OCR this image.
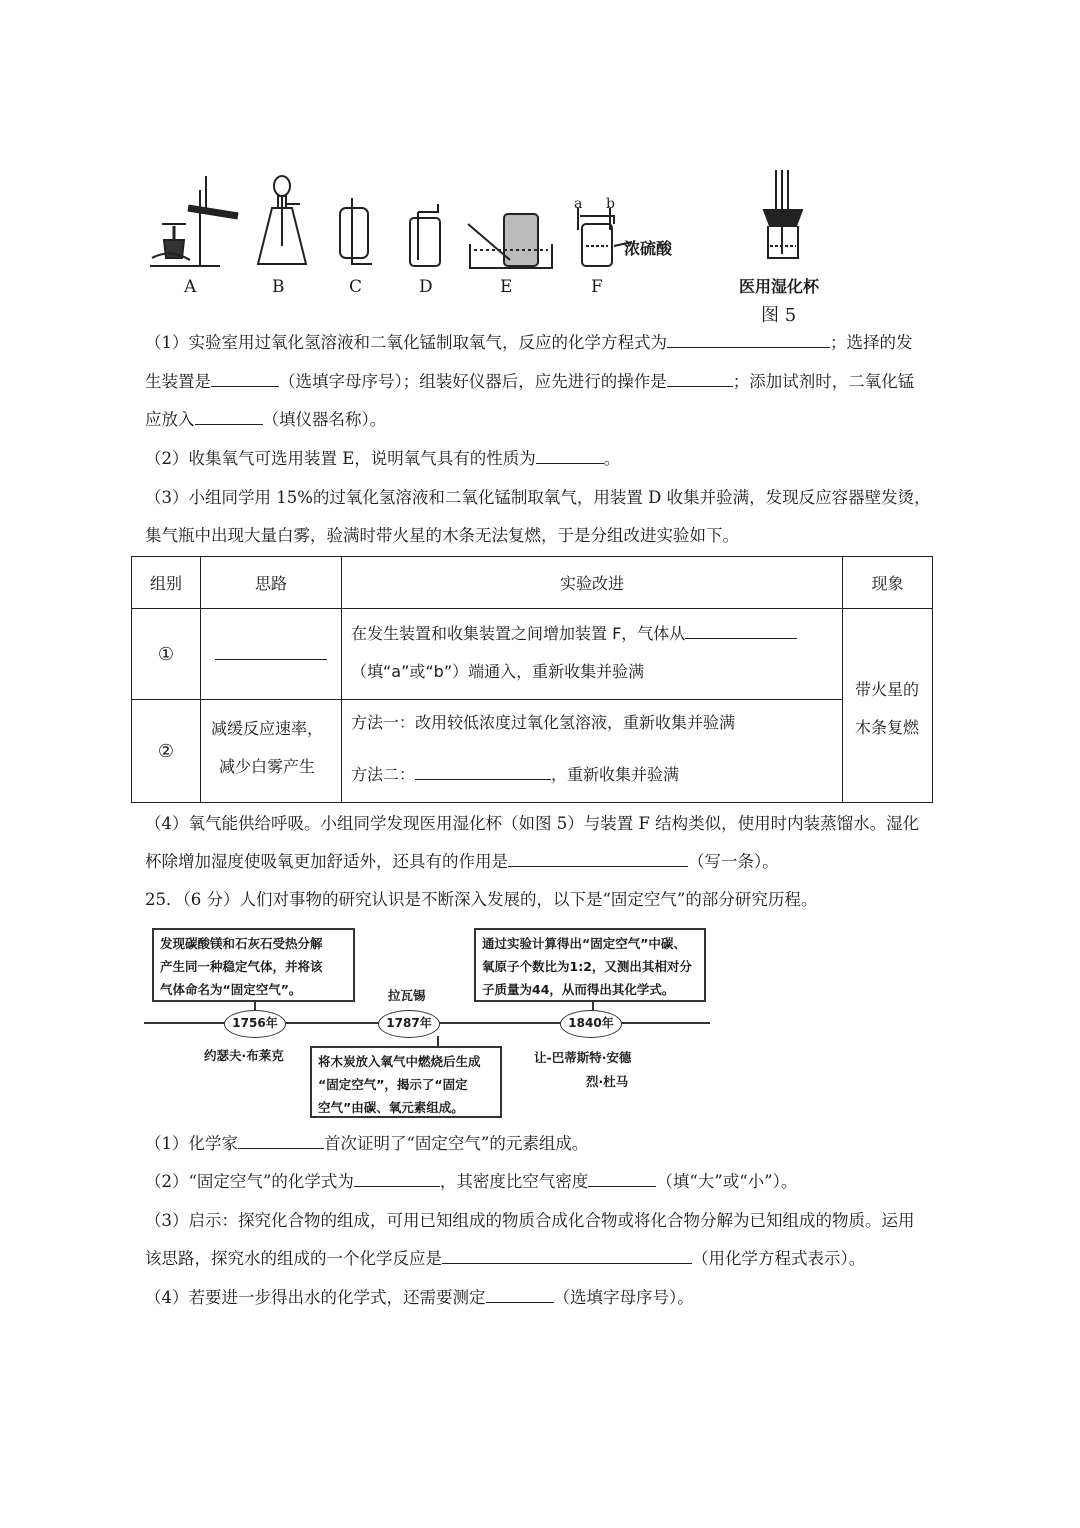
A	B	C	D	E	F
a b
浓硫酸
医用湿化杯
图 5
（1）实验室用过氧化氢溶液和二氧化锰制取氧气，反应的化学方程式为	；选择的发
生装置是	（选填字母序号）；组装好仪器后，应先进行的操作是	；添加试剂时，二氧化锰
应放入	（填仪器名称）。
（2）收集氧气可选用装置 E，说明氧气具有的性质为	。
（3）小组同学用 15%的过氧化氢溶液和二氧化锰制取氧气，用装置 D 收集并验满，发现反应容器壁发烫，
集气瓶中出现大量白雾，验满时带火星的木条无法复燃，于是分组改进实验如下。
组别	思路	实验改进	现象
①		在发生装置和收集装置之间增加装置 F，气体从
（填“a”或“b”）端通入，重新收集并验满	带火星的
木条复燃

②	减缓反应速率，
减少白雾产生	方法一：改用较低浓度过氧化氢溶液，重新收集并验满
方法二： ，重新收集并验满	
（4）氧气能供给呼吸。小组同学发现医用湿化杯（如图 5）与装置 F 结构类似，使用时内装蒸馏水。湿化
杯除增加湿度使吸氧更加舒适外，还具有的作用是	（写一条）。
25．（6 分）人们对事物的研究认识是不断深入发展的，以下是“固定空气”的部分研究历程。
发现碳酸镁和石灰石受热分解
产生同一种稳定气体，并将该
气体命名为“固定空气”。
通过实验计算得出“固定空气”中碳、
氧原子个数比为1:2，又测出其相对分
子质量为44，从而得出其化学式。
将木炭放入氧气中燃烧后生成
“固定空气”，揭示了“固定
空气”由碳、氧元素组成。
1756年	1787年	1840年
约瑟夫·布莱克
拉瓦锡
让-巴蒂斯特·安德
烈·杜马
（1）化学家	首次证明了“固定空气”的元素组成。
（2）“固定空气”的化学式为	，其密度比空气密度	（填“大”或“小”）。
（3）启示：探究化合物的组成，可用已知组成的物质合成化合物或将化合物分解为已知组成的物质。运用
该思路，探究水的组成的一个化学反应是	（用化学方程式表示）。
（4）若要进一步得出水的化学式，还需要测定	（选填字母序号）。
